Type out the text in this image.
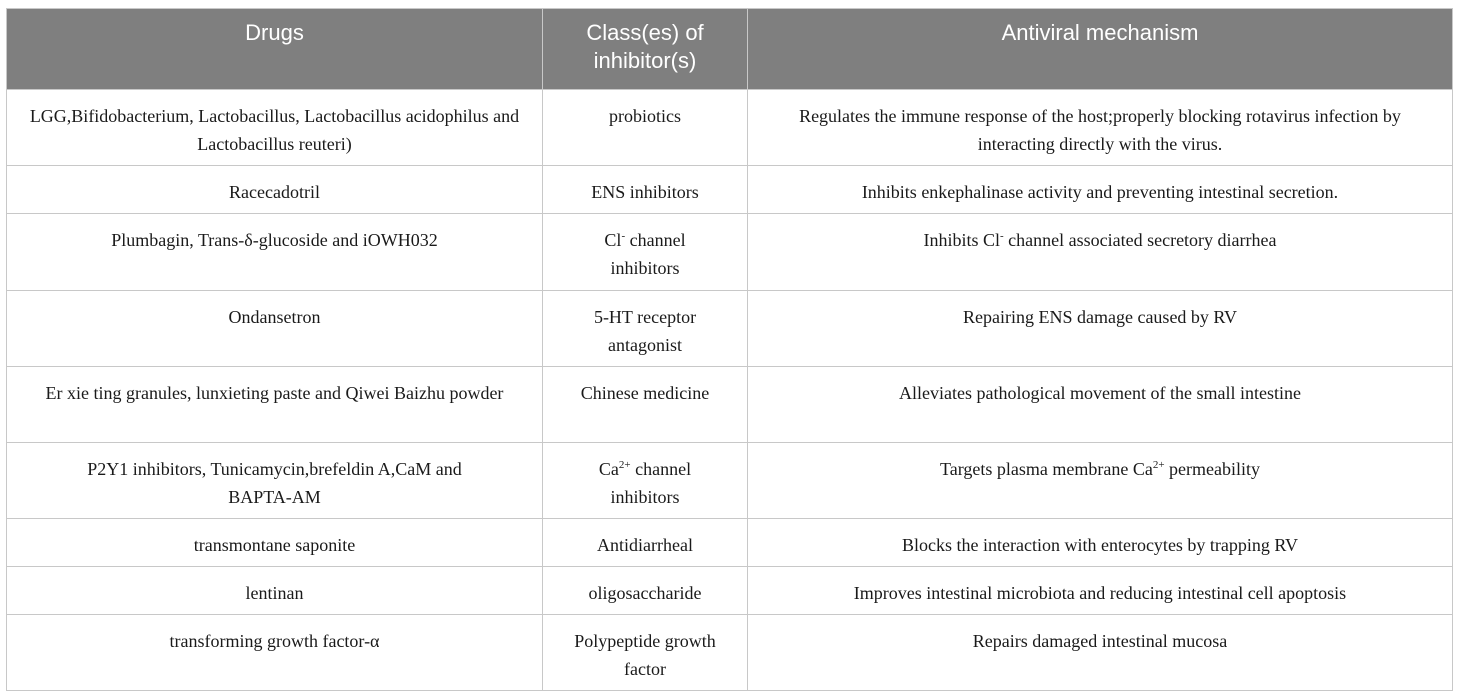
Drugs	Class(es) of inhibitor(s)	Antiviral mechanism
LGG,Bifidobacterium, Lactobacillus, Lactobacillus acidophilus and Lactobacillus reuteri)	probiotics	Regulates the immune response of the host;properly blocking rotavirus infection by interacting directly with the virus.
Racecadotril	ENS inhibitors	Inhibits enkephalinase activity and preventing intestinal secretion.
Plumbagin, Trans-δ-glucoside and iOWH032	Cl- channel inhibitors	Inhibits Cl- channel associated secretory diarrhea
Ondansetron	5-HT receptor antagonist	Repairing ENS damage caused by RV

Er xie ting granules, lunxieting paste and Qiwei Baizhu powder	Chinese medicine	Alleviates pathological movement of the small intestine

P2Y1 inhibitors, Tunicamycin,brefeldin A,CaM and BAPTA-AM	$Ca^{2+}$ channel inhibitors	Targets plasma membrane $Ca^{2+}$ permeability
transmontane saponite	Antidiarrheal	Blocks the interaction with enterocytes by trapping RV
lentinan	oligosaccharide	Improves intestinal microbiota and reducing intestinal cell apoptosis
transforming growth factor-α	Polypeptide growth factor	Repairs damaged intestinal mucosa
